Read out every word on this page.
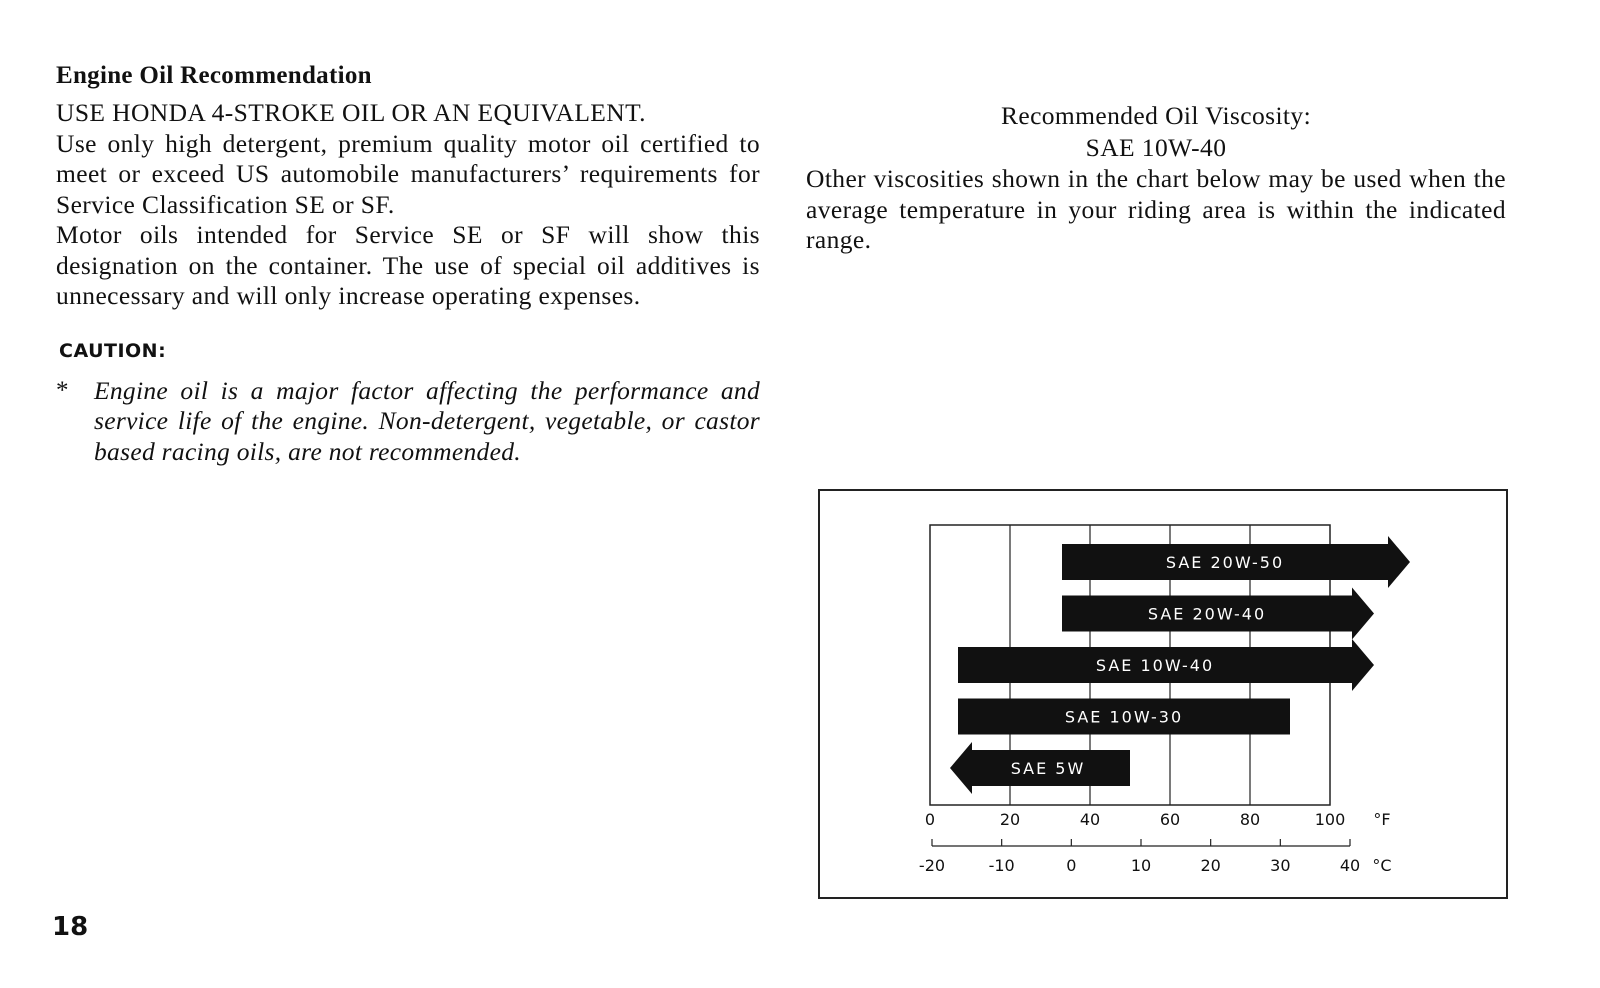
Engine Oil Recommendation

USE HONDA 4-STROKE OIL OR AN EQUIVALENT.

Use only high detergent, premium quality motor oil certified to meet or exceed US automobile manufacturers’ requirements for Service Classification SE or SF.

Motor oils intended for Service SE or SF will show this designation on the container. The use of special oil additives is unnecessary and will only increase operating expenses.

CAUTION:
*	Engine oil is a major factor affecting the performance and service life of the engine. Non-detergent, vegetable, or castor based racing oils, are not recommended.

Recommended Oil Viscosity:

SAE 10W-40

Other viscosities shown in the chart below may be used when the average temperature in your riding area is within the indicated range.

SAE 20W-50
SAE 20W-40
SAE 10W-40
SAE 10W-30
SAE 5W
0	20	40	60	80	100 °F
-20	-10	0	10	20	30	40 °C
18
